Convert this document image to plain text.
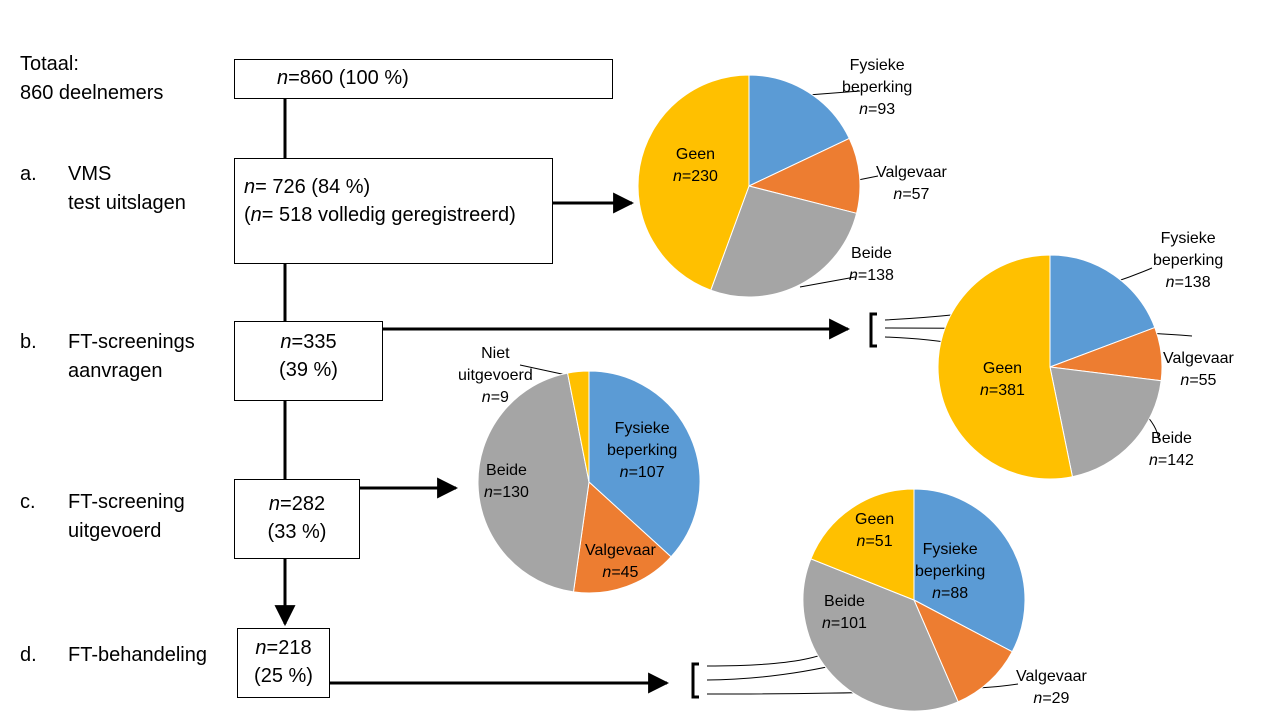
Totaal:
860 deelnemers
a. VMS
test uitslagen
b. FT-screenings
aanvragen
c. FT-screening
uitgevoerd
d. FT-behandeling
n=860 (100 %)
n= 726 (84 %)
(n= 518 volledig geregistreerd)
n=335
(39 %)
n=282
(33 %)
n=218
(25 %)
Fysieke
beperking
n=93
Valgevaar
n=57
Beide
n=138
Geen
n=230
Fysieke
beperking
n=138
Valgevaar
n=55
Beide
n=142
Geen
n=381
Niet
uitgevoerd
n=9
Fysieke
beperking
n=107
Valgevaar
n=45
Beide
n=130
Geen
n=51	Fysieke
beperking
n=88
Beide
n=101
Valgevaar
n=29
